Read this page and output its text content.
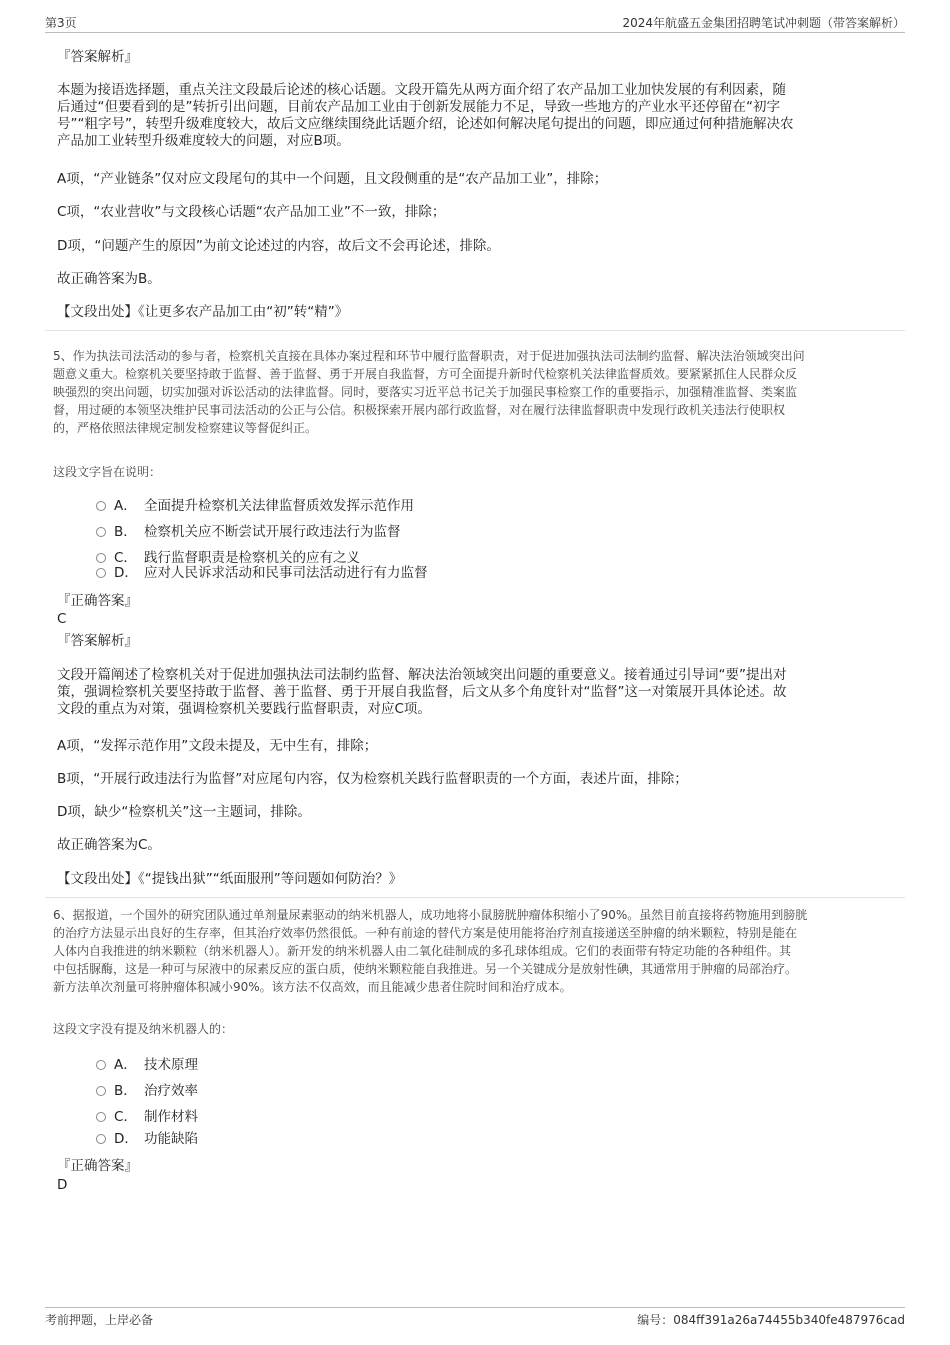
第3页	2024年航盛五金集团招聘笔试冲刺题（带答案解析）
『答案解析』
本题为接语选择题，重点关注文段最后论述的核心话题。文段开篇先从两方面介绍了农产品加工业加快发展的有利因素，随
后通过“但要看到的是”转折引出问题，目前农产品加工业由于创新发展能力不足，导致一些地方的产业水平还停留在“初字
号”“粗字号”，转型升级难度较大，故后文应继续围绕此话题介绍，论述如何解决尾句提出的问题，即应通过何种措施解决农
产品加工业转型升级难度较大的问题，对应B项。
A项，“产业链条”仅对应文段尾句的其中一个问题，且文段侧重的是“农产品加工业”，排除；
C项，“农业营收”与文段核心话题“农产品加工业”不一致，排除；
D项，“问题产生的原因”为前文论述过的内容，故后文不会再论述，排除。
故正确答案为B。
【文段出处】《让更多农产品加工由“初”转“精”》
5、作为执法司法活动的参与者，检察机关直接在具体办案过程和环节中履行监督职责，对于促进加强执法司法制约监督、解决法治领域突出问
题意义重大。检察机关要坚持敢于监督、善于监督、勇于开展自我监督，方可全面提升新时代检察机关法律监督质效。要紧紧抓住人民群众反
映强烈的突出问题，切实加强对诉讼活动的法律监督。同时，要落实习近平总书记关于加强民事检察工作的重要指示，加强精准监督、类案监
督，用过硬的本领坚决维护民事司法活动的公正与公信。积极探索开展内部行政监督，对在履行法律监督职责中发现行政机关违法行使职权
的，严格依照法律规定制发检察建议等督促纠正。
这段文字旨在说明：
A． 全面提升检察机关法律监督质效发挥示范作用
B． 检察机关应不断尝试开展行政违法行为监督
C． 践行监督职责是检察机关的应有之义
D． 应对人民诉求活动和民事司法活动进行有力监督
『正确答案』
C
『答案解析』
文段开篇阐述了检察机关对于促进加强执法司法制约监督、解决法治领域突出问题的重要意义。接着通过引导词“要”提出对
策，强调检察机关要坚持敢于监督、善于监督、勇于开展自我监督，后文从多个角度针对“监督”这一对策展开具体论述。故
文段的重点为对策，强调检察机关要践行监督职责，对应C项。
A项，“发挥示范作用”文段未提及，无中生有，排除；
B项，“开展行政违法行为监督”对应尾句内容，仅为检察机关践行监督职责的一个方面，表述片面，排除；
D项，缺少“检察机关”这一主题词，排除。
故正确答案为C。
【文段出处】《“提钱出狱”“纸面服刑”等问题如何防治？》
6、据报道，一个国外的研究团队通过单剂量尿素驱动的纳米机器人，成功地将小鼠膀胱肿瘤体积缩小了90%。虽然目前直接将药物施用到膀胱
的治疗方法显示出良好的生存率，但其治疗效率仍然很低。一种有前途的替代方案是使用能将治疗剂直接递送至肿瘤的纳米颗粒，特别是能在
人体内自我推进的纳米颗粒（纳米机器人）。新开发的纳米机器人由二氧化硅制成的多孔球体组成。它们的表面带有特定功能的各种组件。其
中包括脲酶，这是一种可与尿液中的尿素反应的蛋白质，使纳米颗粒能自我推进。另一个关键成分是放射性碘，其通常用于肿瘤的局部治疗。
新方法单次剂量可将肿瘤体积减小90%。该方法不仅高效，而且能减少患者住院时间和治疗成本。
这段文字没有提及纳米机器人的：
A． 技术原理
B． 治疗效率
C． 制作材料
D． 功能缺陷
『正确答案』
D
考前押题，上岸必备	编号：084ff391a26a74455b340fe487976cad
